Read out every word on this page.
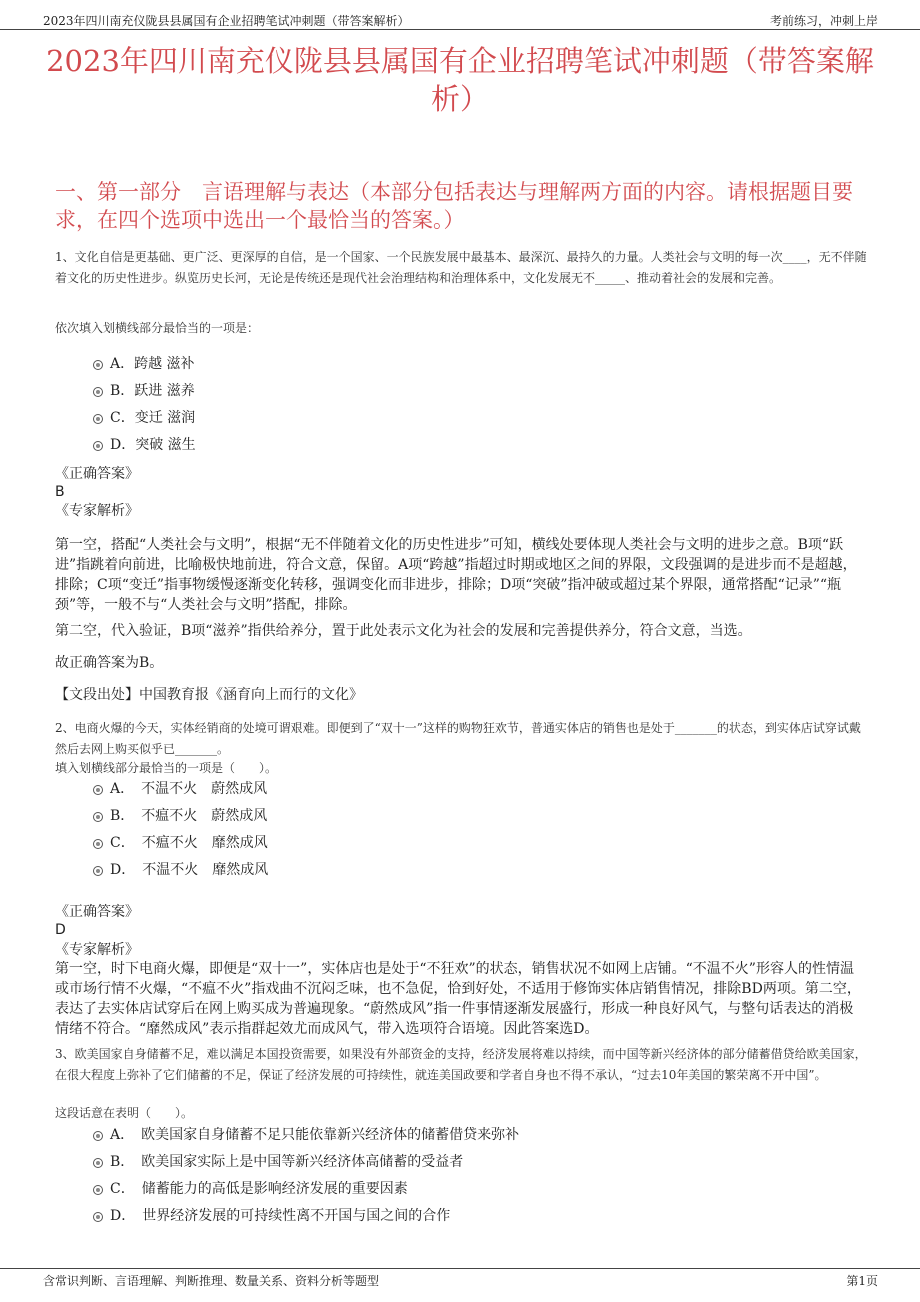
2023年四川南充仪陇县县属国有企业招聘笔试冲刺题（带答案解析）	考前练习，冲刺上岸
2023年四川南充仪陇县县属国有企业招聘笔试冲刺题（带答案解析）
一、第一部分　言语理解与表达（本部分包括表达与理解两方面的内容。请根据题目要求，在四个选项中选出一个最恰当的答案。）
1、文化自信是更基础、更广泛、更深厚的自信，是一个国家、一个民族发展中最基本、最深沉、最持久的力量。人类社会与文明的每一次____，无不伴随着文化的历史性进步。纵览历史长河，无论是传统还是现代社会治理结构和治理体系中，文化发展无不_____、推动着社会的发展和完善。
依次填入划横线部分最恰当的一项是：
A．跨越 滋补
B．跃进 滋养
C．变迁 滋润
D．突破 滋生
《正确答案》
B
《专家解析》
第一空，搭配“人类社会与文明”，根据“无不伴随着文化的历史性进步”可知，横线处要体现人类社会与文明的进步之意。B项“跃进”指跳着向前进，比喻极快地前进，符合文意，保留。A项“跨越”指超过时期或地区之间的界限，文段强调的是进步而不是超越，排除；C项“变迁”指事物缓慢逐渐变化转移，强调变化而非进步，排除；D项“突破”指冲破或超过某个界限，通常搭配“记录”“瓶颈”等，一般不与“人类社会与文明”搭配，排除。
第二空，代入验证，B项“滋养”指供给养分，置于此处表示文化为社会的发展和完善提供养分，符合文意，当选。
故正确答案为B。
【文段出处】中国教育报《涵育向上而行的文化》
2、电商火爆的今天，实体经销商的处境可谓艰难。即便到了“双十一”这样的购物狂欢节，普通实体店的销售也是处于_______的状态，到实体店试穿试戴然后去网上购买似乎已_______。
填入划横线部分最恰当的一项是（　　）。
A．　不温不火　蔚然成风
B．　不瘟不火　蔚然成风
C．　不瘟不火　靡然成风
D．　不温不火　靡然成风
《正确答案》
D
《专家解析》
第一空，时下电商火爆，即便是“双十一”，实体店也是处于“不狂欢”的状态，销售状况不如网上店铺。“不温不火”形容人的性情温或市场行情不火爆，“不瘟不火”指戏曲不沉闷乏味，也不急促，恰到好处，不适用于修饰实体店销售情况，排除BD两项。第二空，表达了去实体店试穿后在网上购买成为普遍现象。“蔚然成风”指一件事情逐渐发展盛行，形成一种良好风气，与整句话表达的消极情绪不符合。“靡然成风”表示指群起效尤而成风气，带入选项符合语境。因此答案选D。
3、欧美国家自身储蓄不足，难以满足本国投资需要，如果没有外部资金的支持，经济发展将难以持续，而中国等新兴经济体的部分储蓄借贷给欧美国家，在很大程度上弥补了它们储蓄的不足，保证了经济发展的可持续性，就连美国政要和学者自身也不得不承认，“过去10年美国的繁荣离不开中国”。
这段话意在表明（　　）。
A．　欧美国家自身储蓄不足只能依靠新兴经济体的储蓄借贷来弥补
B．　欧美国家实际上是中国等新兴经济体高储蓄的受益者
C．　储蓄能力的高低是影响经济发展的重要因素
D．　世界经济发展的可持续性离不开国与国之间的合作
含常识判断、言语理解、判断推理、数量关系、资料分析等题型	第1页
